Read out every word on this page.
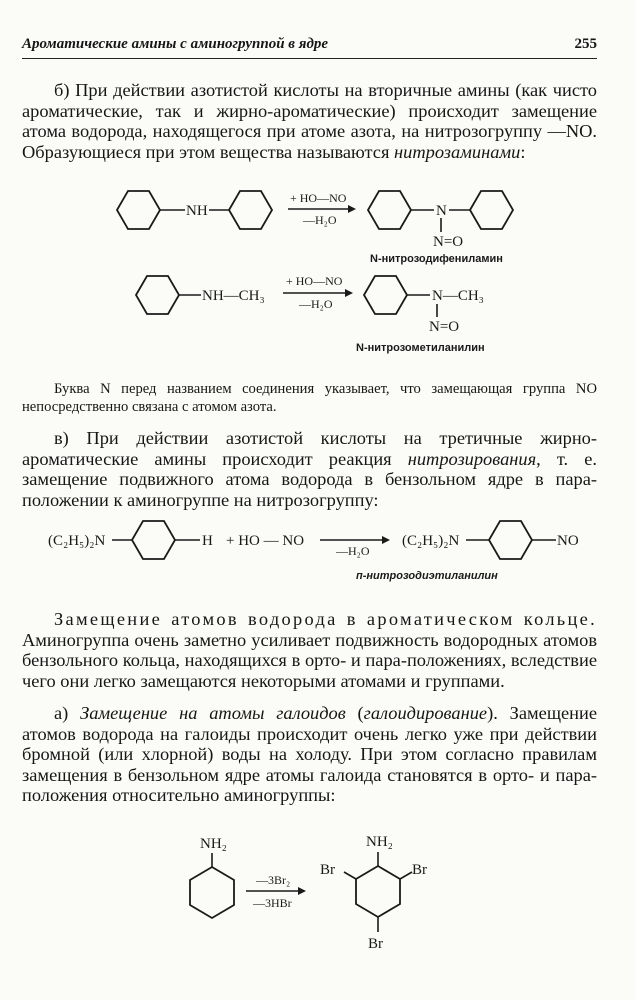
Ароматические амины с аминогруппой в ядре	255
б) При действии азотистой кислоты на вторичные амины (как чисто ароматические, так и жирно-ароматические) происходит замещение атома водорода, находящегося при атоме азота, на нитрозогруппу —NO. Образующиеся при этом вещества называются нитрозаминами:
NH
+ HO—NO
—H₂O
N
N=O
N-нитрозодифениламин
NH—CH₃
+ HO—NO
—H₂O	N—CH₃
N=O
N-нитрозометиланилин
Буква N перед названием соединения указывает, что замещающая группа NO непосредственно связана с атомом азота.
в) При действии азотистой кислоты на третичные жирно-ароматические амины происходит реакция нитрозирования, т. е. замещение подвижного атома водорода в бензольном ядре в пара-положении к аминогруппе на нитрозогруппу:
(C₂H₅)₂N	H + HO — NO
—H₂O
(C₂H₅)₂N	NO
п-нитрозодиэтиланилин
Замещение атомов водорода в ароматическом кольце. Аминогруппа очень заметно усиливает подвижность водородных атомов бензольного кольца, находящихся в орто- и пара-положениях, вследствие чего они легко замещаются некоторыми атомами и группами.
а) Замещение на атомы галоидов (галоидирование). Замещение атомов водорода на галоиды происходит очень легко уже при действии бромной (или хлорной) воды на холоду. При этом согласно правилам замещения в бензольном ядре атомы галоида становятся в орто- и пара-положения относительно аминогруппы:
NH₂
—3Br₂
—3HBr
NH₂
Br	Br
Br
